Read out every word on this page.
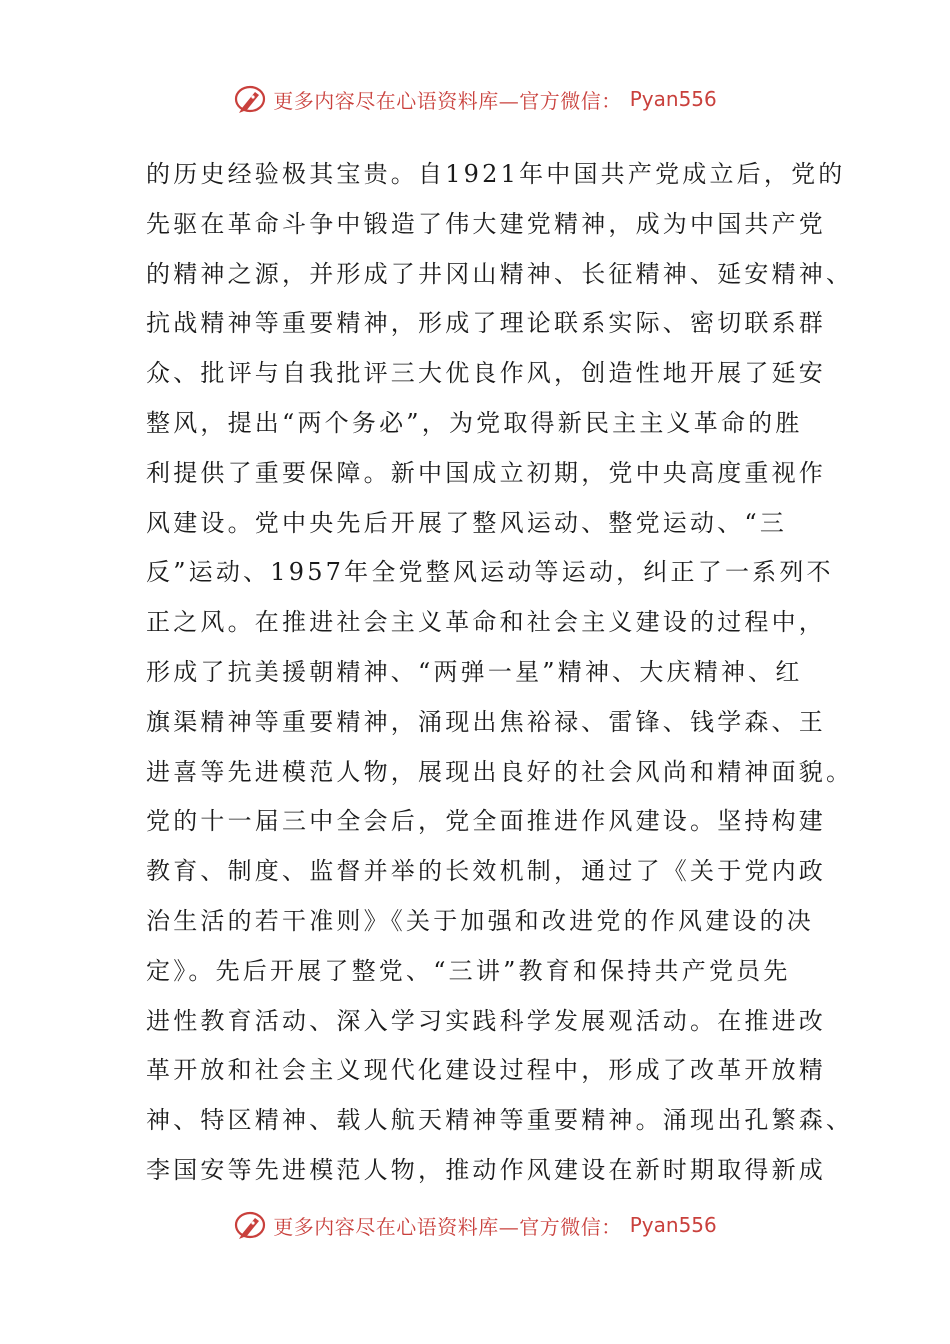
更多内容尽在心语资料库—官方微信： Pyan556
的历史经验极其宝贵。自1921年中国共产党成立后，党的
先驱在革命斗争中锻造了伟大建党精神，成为中国共产党
的精神之源，并形成了井冈山精神、长征精神、延安精神、
抗战精神等重要精神，形成了理论联系实际、密切联系群
众、批评与自我批评三大优良作风，创造性地开展了延安
整风，提出“两个务必”，为党取得新民主主义革命的胜
利提供了重要保障。新中国成立初期，党中央高度重视作
风建设。党中央先后开展了整风运动、整党运动、“三
反”运动、1957年全党整风运动等运动，纠正了一系列不
正之风。在推进社会主义革命和社会主义建设的过程中，
形成了抗美援朝精神、“两弹一星”精神、大庆精神、红
旗渠精神等重要精神，涌现出焦裕禄、雷锋、钱学森、王
进喜等先进模范人物，展现出良好的社会风尚和精神面貌。
党的十一届三中全会后，党全面推进作风建设。坚持构建
教育、制度、监督并举的长效机制，通过了《关于党内政
治生活的若干准则》《关于加强和改进党的作风建设的决
定》。先后开展了整党、“三讲”教育和保持共产党员先
进性教育活动、深入学习实践科学发展观活动。在推进改
革开放和社会主义现代化建设过程中，形成了改革开放精
神、特区精神、载人航天精神等重要精神。涌现出孔繁森、
李国安等先进模范人物，推动作风建设在新时期取得新成
更多内容尽在心语资料库—官方微信： Pyan556
